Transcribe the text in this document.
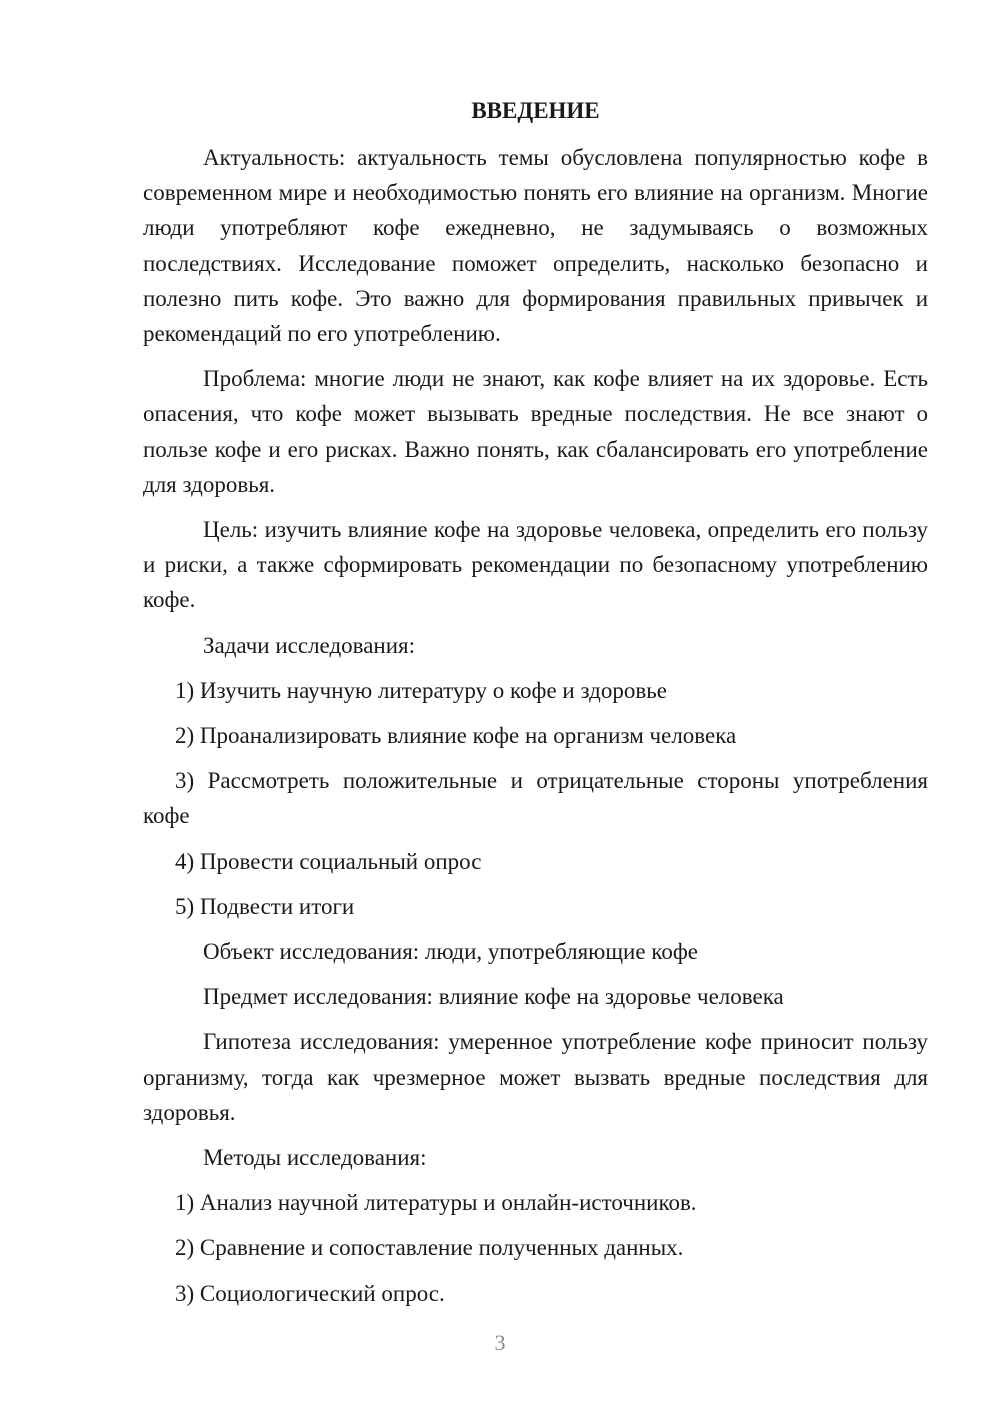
ВВЕДЕНИЕ

Актуальность: актуальность темы обусловлена популярностью кофе в современном мире и необходимостью понять его влияние на организм. Многие люди употребляют кофе ежедневно, не задумываясь о возможных последствиях. Исследование поможет определить, насколько безопасно и полезно пить кофе. Это важно для формирования правильных привычек и рекомендаций по его употреблению.

Проблема: многие люди не знают, как кофе влияет на их здоровье. Есть опасения, что кофе может вызывать вредные последствия. Не все знают о пользе кофе и его рисках. Важно понять, как сбалансировать его употребление для здоровья.

Цель: изучить влияние кофе на здоровье человека, определить его пользу и риски, а также сформировать рекомендации по безопасному употреблению кофе.

Задачи исследования:

1) Изучить научную литературу о кофе и здоровье

2) Проанализировать влияние кофе на организм человека

3) Рассмотреть положительные и отрицательные стороны употребления кофе

4) Провести социальный опрос

5) Подвести итоги

Объект исследования: люди, употребляющие кофе

Предмет исследования: влияние кофе на здоровье человека

Гипотеза исследования: умеренное употребление кофе приносит пользу организму, тогда как чрезмерное может вызвать вредные последствия для здоровья.

Методы исследования:

1) Анализ научной литературы и онлайн-источников.

2) Сравнение и сопоставление полученных данных.

3) Социологический опрос.

3
